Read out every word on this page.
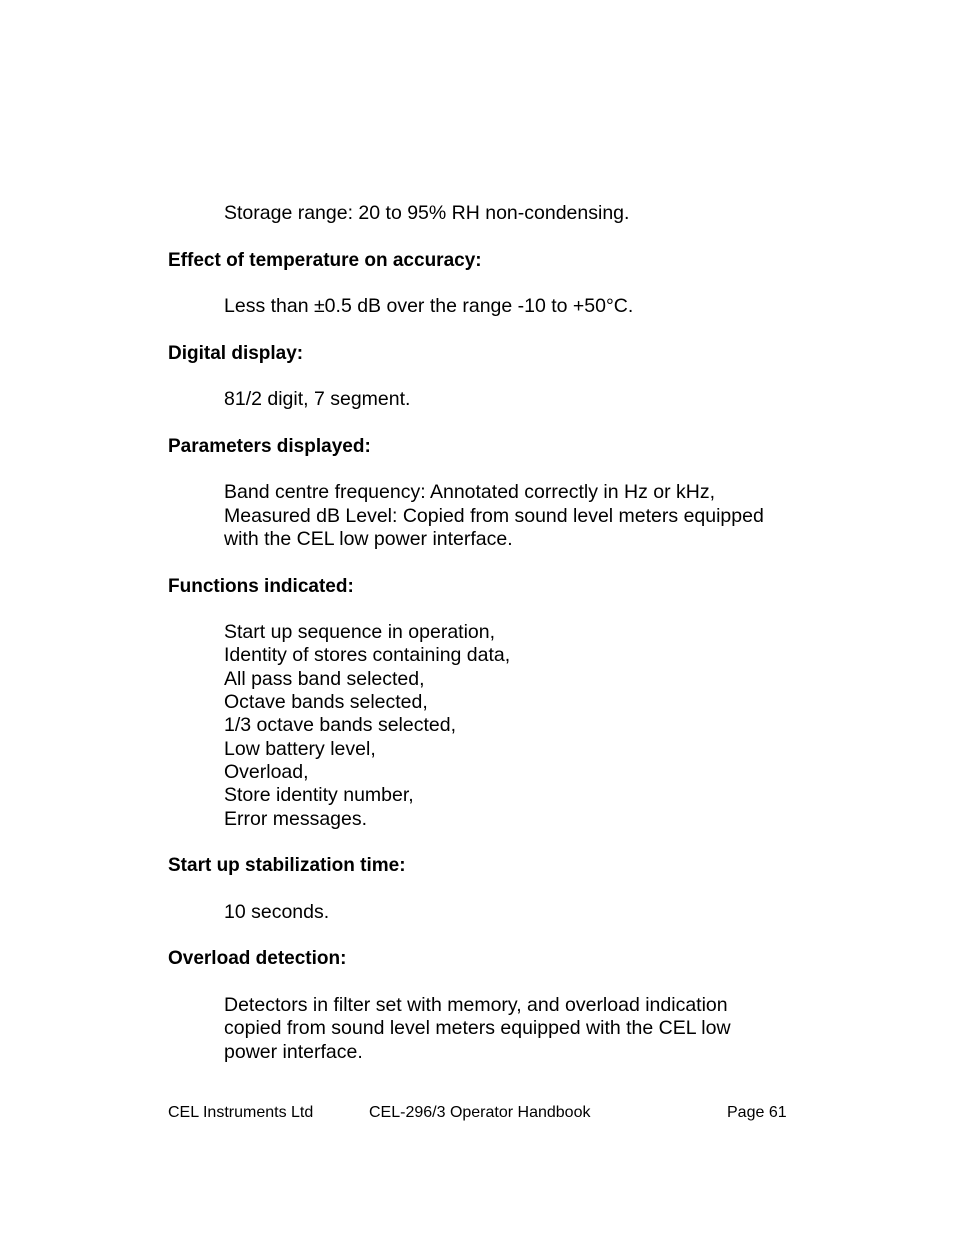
Storage range: 20 to 95% RH non-condensing.
Effect of temperature on accuracy:
Less than ±0.5 dB over the range -10 to +50°C.
Digital display:
81/2 digit, 7 segment.
Parameters displayed:
Band centre frequency: Annotated correctly in Hz or kHz,
Measured dB Level: Copied from sound level meters equipped
with the CEL low power interface.
Functions indicated:
Start up sequence in operation,
Identity of stores containing data,
All pass band selected,
Octave bands selected,
1/3 octave bands selected,
Low battery level,
Overload,
Store identity number,
Error messages.
Start up stabilization time:
10 seconds.
Overload detection:
Detectors in filter set with memory, and overload indication
copied from sound level meters equipped with the CEL low
power interface.
CEL Instruments Ltd	CEL-296/3 Operator Handbook	Page 61
